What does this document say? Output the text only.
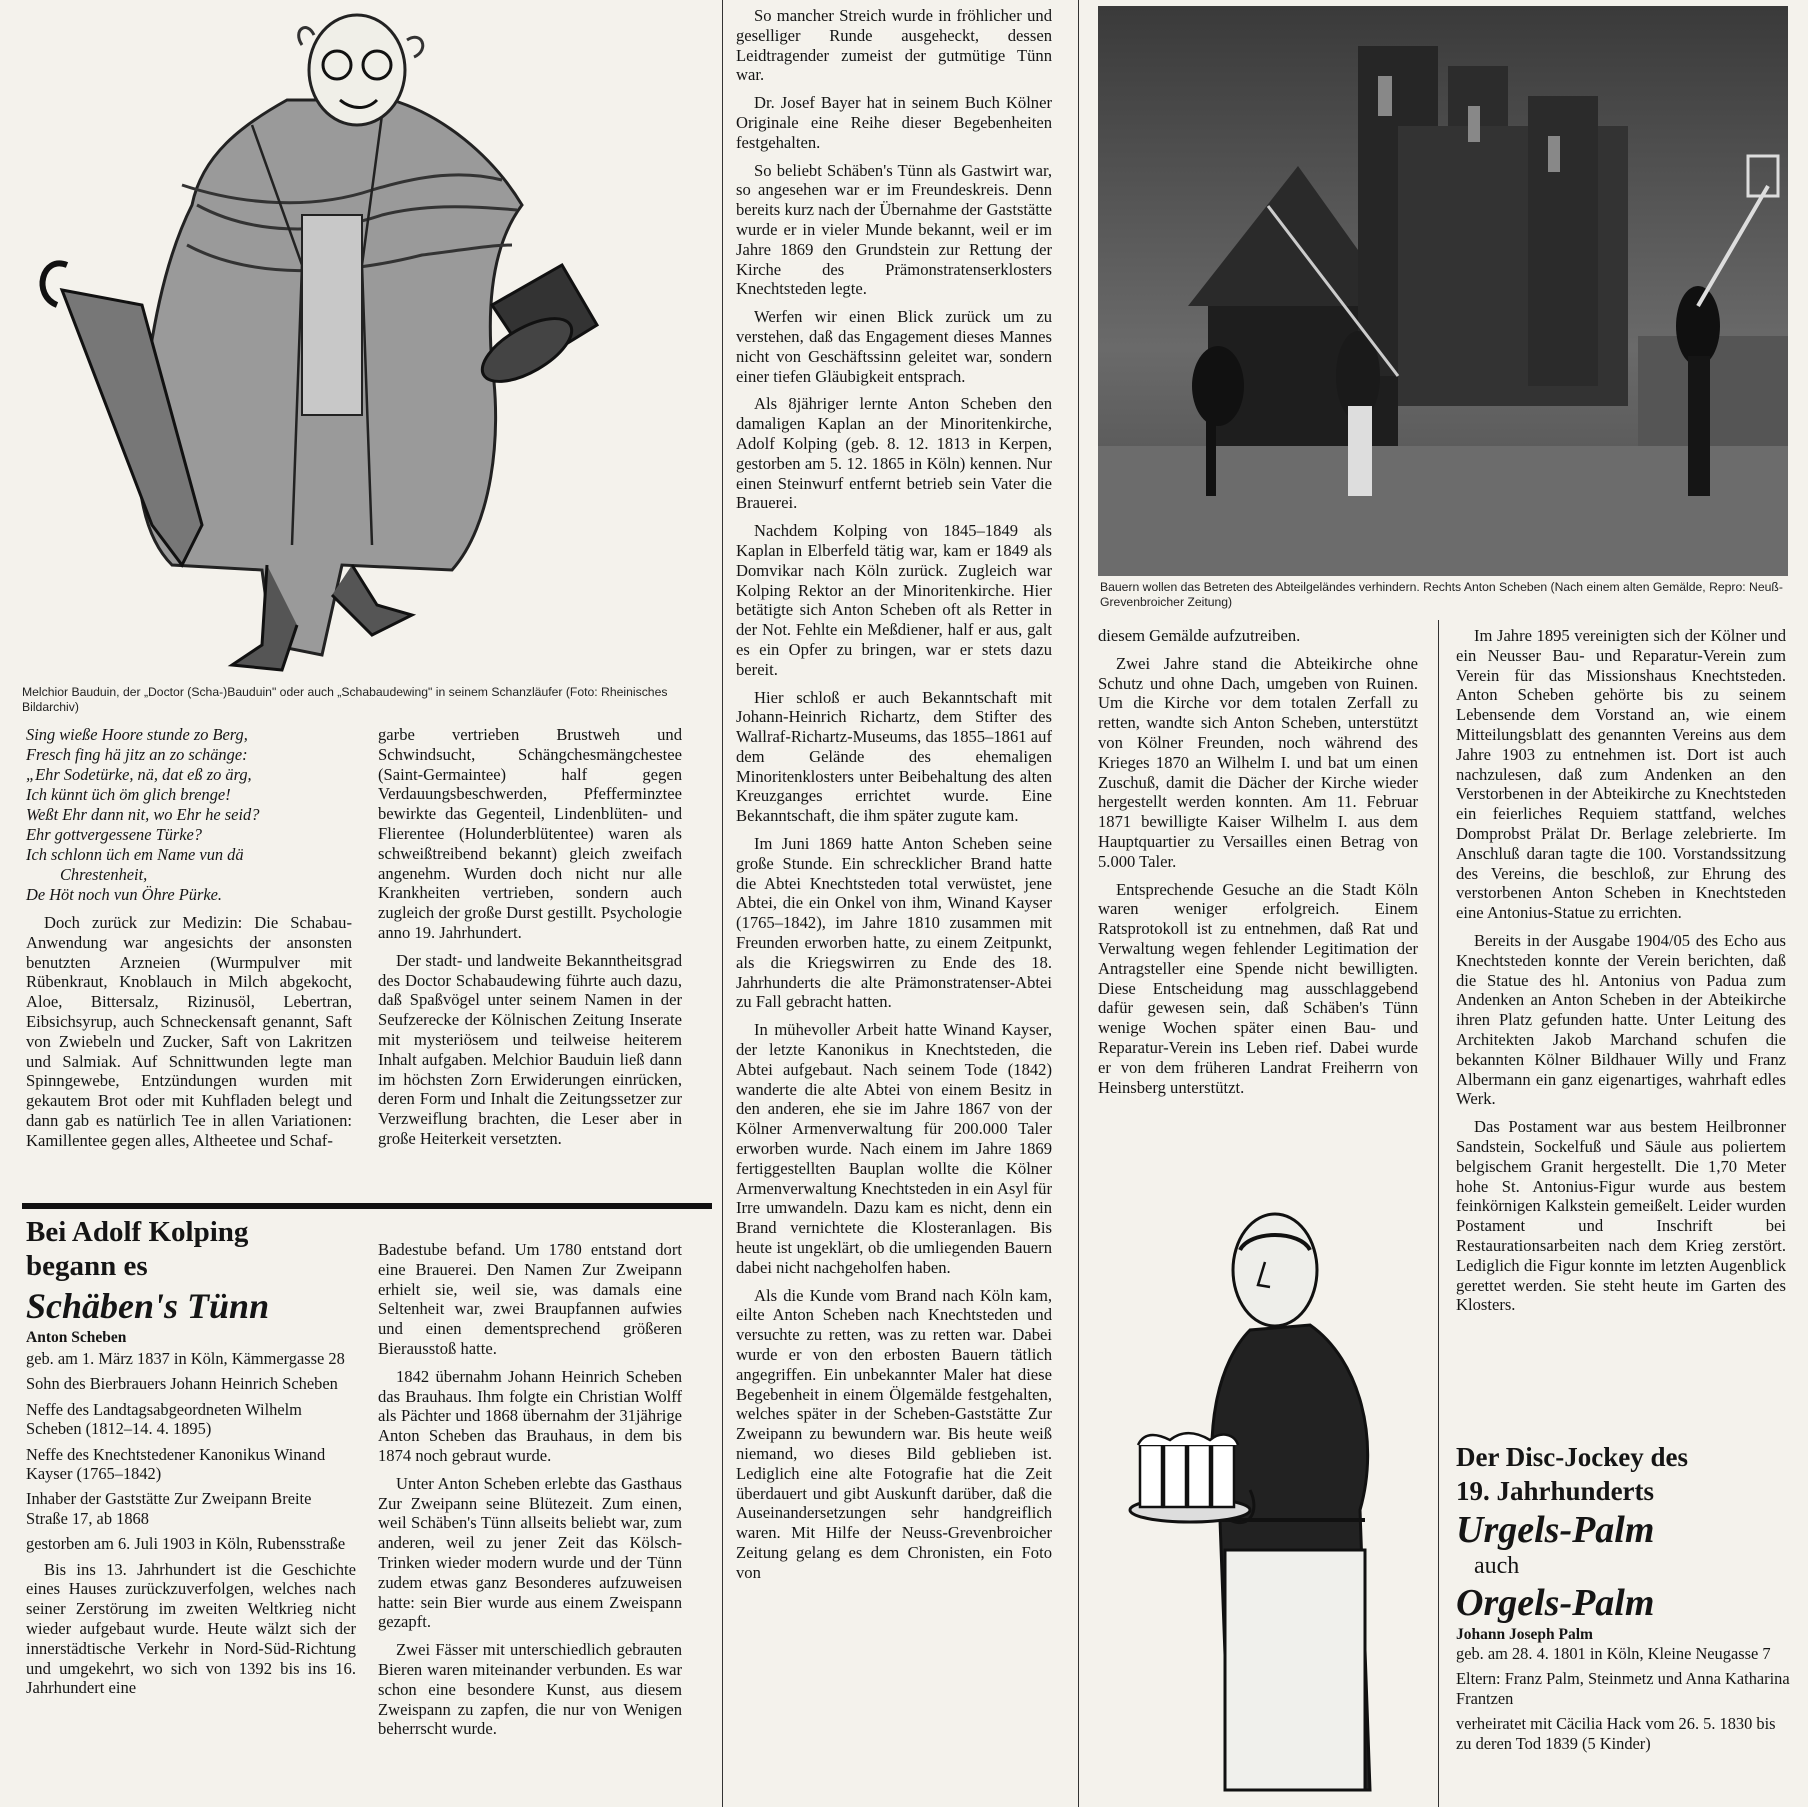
Melchior Bauduin, der „Doctor (Scha-)Bauduin" oder auch „Schabaudewing" in seinem Schanzläufer (Foto: Rheinisches Bildarchiv)
Sing wieße Hoore stunde zo Berg,
Fresch fing hä jitz an zo schänge:
„Ehr Sodetürke, nä, dat eß zo ärg,
Ich künnt üch öm glich brenge!
Weßt Ehr dann nit, wo Ehr he seid?
Ehr gottvergessene Türke?
Ich schlonn üch em Name vun dä
Chrestenheit,
De Höt noch vun Öhre Pürke.

Doch zurück zur Medizin: Die Schabau-Anwendung war angesichts der ansonsten benutzten Arzneien (Wurmpulver mit Rübenkraut, Knoblauch in Milch abgekocht, Aloe, Bittersalz, Rizinusöl, Lebertran, Eibsichsyrup, auch Schneckensaft genannt, Saft von Zwiebeln und Zucker, Saft von Lakritzen und Salmiak. Auf Schnittwunden legte man Spinngewebe, Entzündungen wurden mit gekautem Brot oder mit Kuhfladen belegt und dann gab es natürlich Tee in allen Variationen: Kamillentee gegen alles, Altheetee und Schaf-

garbe vertrieben Brustweh und Schwindsucht, Schängchesmängchestee (Saint-Germaintee) half gegen Verdauungsbeschwerden, Pfefferminztee bewirkte das Gegenteil, Lindenblüten- und Flierentee (Holunderblütentee) waren als schweißtreibend bekannt) gleich zweifach angenehm. Wurden doch nicht nur alle Krankheiten vertrieben, sondern auch zugleich der große Durst gestillt. Psychologie anno 19. Jahrhundert.

Der stadt- und landweite Bekanntheitsgrad des Doctor Schabaudewing führte auch dazu, daß Spaßvögel unter seinem Namen in der Seufzerecke der Kölnischen Zeitung Inserate mit mysteriösem und teilweise heiterem Inhalt aufgaben. Melchior Bauduin ließ dann im höchsten Zorn Erwiderungen einrücken, deren Form und Inhalt die Zeitungssetzer zur Verzweiflung brachten, die Leser aber in große Heiterkeit versetzten.

Bei Adolf Kolping
begann es
Schäben's Tünn
Anton Scheben
geb. am 1. März 1837 in Köln, Kämmergasse 28
Sohn des Bierbrauers Johann Heinrich Scheben
Neffe des Landtagsabgeordneten Wilhelm Scheben (1812–14. 4. 1895)
Neffe des Knechtstedener Kanonikus Winand Kayser (1765–1842)
Inhaber der Gaststätte Zur Zweipann Breite Straße 17, ab 1868
gestorben am 6. Juli 1903 in Köln, Rubensstraße

Bis ins 13. Jahrhundert ist die Geschichte eines Hauses zurückzuverfolgen, welches nach seiner Zerstörung im zweiten Weltkrieg nicht wieder aufgebaut wurde. Heute wälzt sich der innerstädtische Verkehr in Nord-Süd-Richtung und umgekehrt, wo sich von 1392 bis ins 16. Jahrhundert eine

Badestube befand. Um 1780 entstand dort eine Brauerei. Den Namen Zur Zweipann erhielt sie, weil sie, was damals eine Seltenheit war, zwei Braupfannen aufwies und einen dementsprechend größeren Bierausstoß hatte.

1842 übernahm Johann Heinrich Scheben das Brauhaus. Ihm folgte ein Christian Wolff als Pächter und 1868 übernahm der 31jährige Anton Scheben das Brauhaus, in dem bis 1874 noch gebraut wurde.

Unter Anton Scheben erlebte das Gasthaus Zur Zweipann seine Blütezeit. Zum einen, weil Schäben's Tünn allseits beliebt war, zum anderen, weil zu jener Zeit das Kölsch-Trinken wieder modern wurde und der Tünn zudem etwas ganz Besonderes aufzuweisen hatte: sein Bier wurde aus einem Zweispann gezapft.

Zwei Fässer mit unterschiedlich gebrauten Bieren waren miteinander verbunden. Es war schon eine besondere Kunst, aus diesem Zweispann zu zapfen, die nur von Wenigen beherrscht wurde.

So mancher Streich wurde in fröhlicher und geselliger Runde ausgeheckt, dessen Leidtragender zumeist der gutmütige Tünn war.

Dr. Josef Bayer hat in seinem Buch Kölner Originale eine Reihe dieser Begebenheiten festgehalten.

So beliebt Schäben's Tünn als Gastwirt war, so angesehen war er im Freundeskreis. Denn bereits kurz nach der Übernahme der Gaststätte wurde er in vieler Munde bekannt, weil er im Jahre 1869 den Grundstein zur Rettung der Kirche des Prämonstratenserklosters Knechtsteden legte.

Werfen wir einen Blick zurück um zu verstehen, daß das Engagement dieses Mannes nicht von Geschäftssinn geleitet war, sondern einer tiefen Gläubigkeit entsprach.

Als 8jähriger lernte Anton Scheben den damaligen Kaplan an der Minoritenkirche, Adolf Kolping (geb. 8. 12. 1813 in Kerpen, gestorben am 5. 12. 1865 in Köln) kennen. Nur einen Steinwurf entfernt betrieb sein Vater die Brauerei.

Nachdem Kolping von 1845–1849 als Kaplan in Elberfeld tätig war, kam er 1849 als Domvikar nach Köln zurück. Zugleich war Kolping Rektor an der Minoritenkirche. Hier betätigte sich Anton Scheben oft als Retter in der Not. Fehlte ein Meßdiener, half er aus, galt es ein Opfer zu bringen, war er stets dazu bereit.

Hier schloß er auch Bekanntschaft mit Johann-Heinrich Richartz, dem Stifter des Wallraf-Richartz-Museums, das 1855–1861 auf dem Gelände des ehemaligen Minoritenklosters unter Beibehaltung des alten Kreuzganges errichtet wurde. Eine Bekanntschaft, die ihm später zugute kam.

Im Juni 1869 hatte Anton Scheben seine große Stunde. Ein schrecklicher Brand hatte die Abtei Knechtsteden total verwüstet, jene Abtei, die ein Onkel von ihm, Winand Kayser (1765–1842), im Jahre 1810 zusammen mit Freunden erworben hatte, zu einem Zeitpunkt, als die Kriegswirren zu Ende des 18. Jahrhunderts die alte Prämonstratenser-Abtei zu Fall gebracht hatten.

In mühevoller Arbeit hatte Winand Kayser, der letzte Kanonikus in Knechtsteden, die Abtei aufgebaut. Nach seinem Tode (1842) wanderte die alte Abtei von einem Besitz in den anderen, ehe sie im Jahre 1867 von der Kölner Armenverwaltung für 200.000 Taler erworben wurde. Nach einem im Jahre 1869 fertiggestellten Bauplan wollte die Kölner Armenverwaltung Knechtsteden in ein Asyl für Irre umwandeln. Dazu kam es nicht, denn ein Brand vernichtete die Klosteranlagen. Bis heute ist ungeklärt, ob die umliegenden Bauern dabei nicht nachgeholfen haben.

Als die Kunde vom Brand nach Köln kam, eilte Anton Scheben nach Knechtsteden und versuchte zu retten, was zu retten war. Dabei wurde er von den erbosten Bauern tätlich angegriffen. Ein unbekannter Maler hat diese Begebenheit in einem Ölgemälde festgehalten, welches später in der Scheben-Gaststätte Zur Zweipann zu bewundern war. Bis heute weiß niemand, wo dieses Bild geblieben ist. Lediglich eine alte Fotografie hat die Zeit überdauert und gibt Auskunft darüber, daß die Auseinandersetzungen sehr handgreiflich waren. Mit Hilfe der Neuss-Grevenbroicher Zeitung gelang es dem Chronisten, ein Foto von

Bauern wollen das Betreten des Abteilgeländes verhindern. Rechts Anton Scheben (Nach einem alten Gemälde, Repro: Neuß-Grevenbroicher Zeitung)

diesem Gemälde aufzutreiben.

Zwei Jahre stand die Abteikirche ohne Schutz und ohne Dach, umgeben von Ruinen. Um die Kirche vor dem totalen Zerfall zu retten, wandte sich Anton Scheben, unterstützt von Kölner Freunden, noch während des Krieges 1870 an Wilhelm I. und bat um einen Zuschuß, damit die Dächer der Kirche wieder hergestellt werden konnten. Am 11. Februar 1871 bewilligte Kaiser Wilhelm I. aus dem Hauptquartier zu Versailles einen Betrag von 5.000 Taler.

Entsprechende Gesuche an die Stadt Köln waren weniger erfolgreich. Einem Ratsprotokoll ist zu entnehmen, daß Rat und Verwaltung wegen fehlender Legitimation der Antragsteller eine Spende nicht bewilligten. Diese Entscheidung mag ausschlaggebend dafür gewesen sein, daß Schäben's Tünn wenige Wochen später einen Bau- und Reparatur-Verein ins Leben rief. Dabei wurde er von dem früheren Landrat Freiherrn von Heinsberg unterstützt.

Im Jahre 1895 vereinigten sich der Kölner und ein Neusser Bau- und Reparatur-Verein zum Verein für das Missionshaus Knechtsteden. Anton Scheben gehörte bis zu seinem Lebensende dem Vorstand an, wie einem Mitteilungsblatt des genannten Vereins aus dem Jahre 1903 zu entnehmen ist. Dort ist auch nachzulesen, daß zum Andenken an den Verstorbenen in der Abteikirche zu Knechtsteden ein feierliches Requiem stattfand, welches Domprobst Prälat Dr. Berlage zelebrierte. Im Anschluß daran tagte die 100. Vorstandssitzung des Vereins, die beschloß, zur Ehrung des verstorbenen Anton Scheben in Knechtsteden eine Antonius-Statue zu errichten.

Bereits in der Ausgabe 1904/05 des Echo aus Knechtsteden konnte der Verein berichten, daß die Statue des hl. Antonius von Padua zum Andenken an Anton Scheben in der Abteikirche ihren Platz gefunden hatte. Unter Leitung des Architekten Jakob Marchand schufen die bekannten Kölner Bildhauer Willy und Franz Albermann ein ganz eigenartiges, wahrhaft edles Werk.

Das Postament war aus bestem Heilbronner Sandstein, Sockelfuß und Säule aus poliertem belgischem Granit hergestellt. Die 1,70 Meter hohe St. Antonius-Figur wurde aus bestem feinkörnigen Kalkstein gemeißelt. Leider wurden Postament und Inschrift bei Restaurationsarbeiten nach dem Krieg zerstört. Lediglich die Figur konnte im letzten Augenblick gerettet werden. Sie steht heute im Garten des Klosters.

Der Disc-Jockey des
19. Jahrhunderts
Urgels-Palm
auch
Orgels-Palm
Johann Joseph Palm
geb. am 28. 4. 1801 in Köln, Kleine Neugasse 7
Eltern: Franz Palm, Steinmetz und Anna Katharina Frantzen
verheiratet mit Cäcilia Hack vom 26. 5. 1830 bis zu deren Tod 1839 (5 Kinder)
